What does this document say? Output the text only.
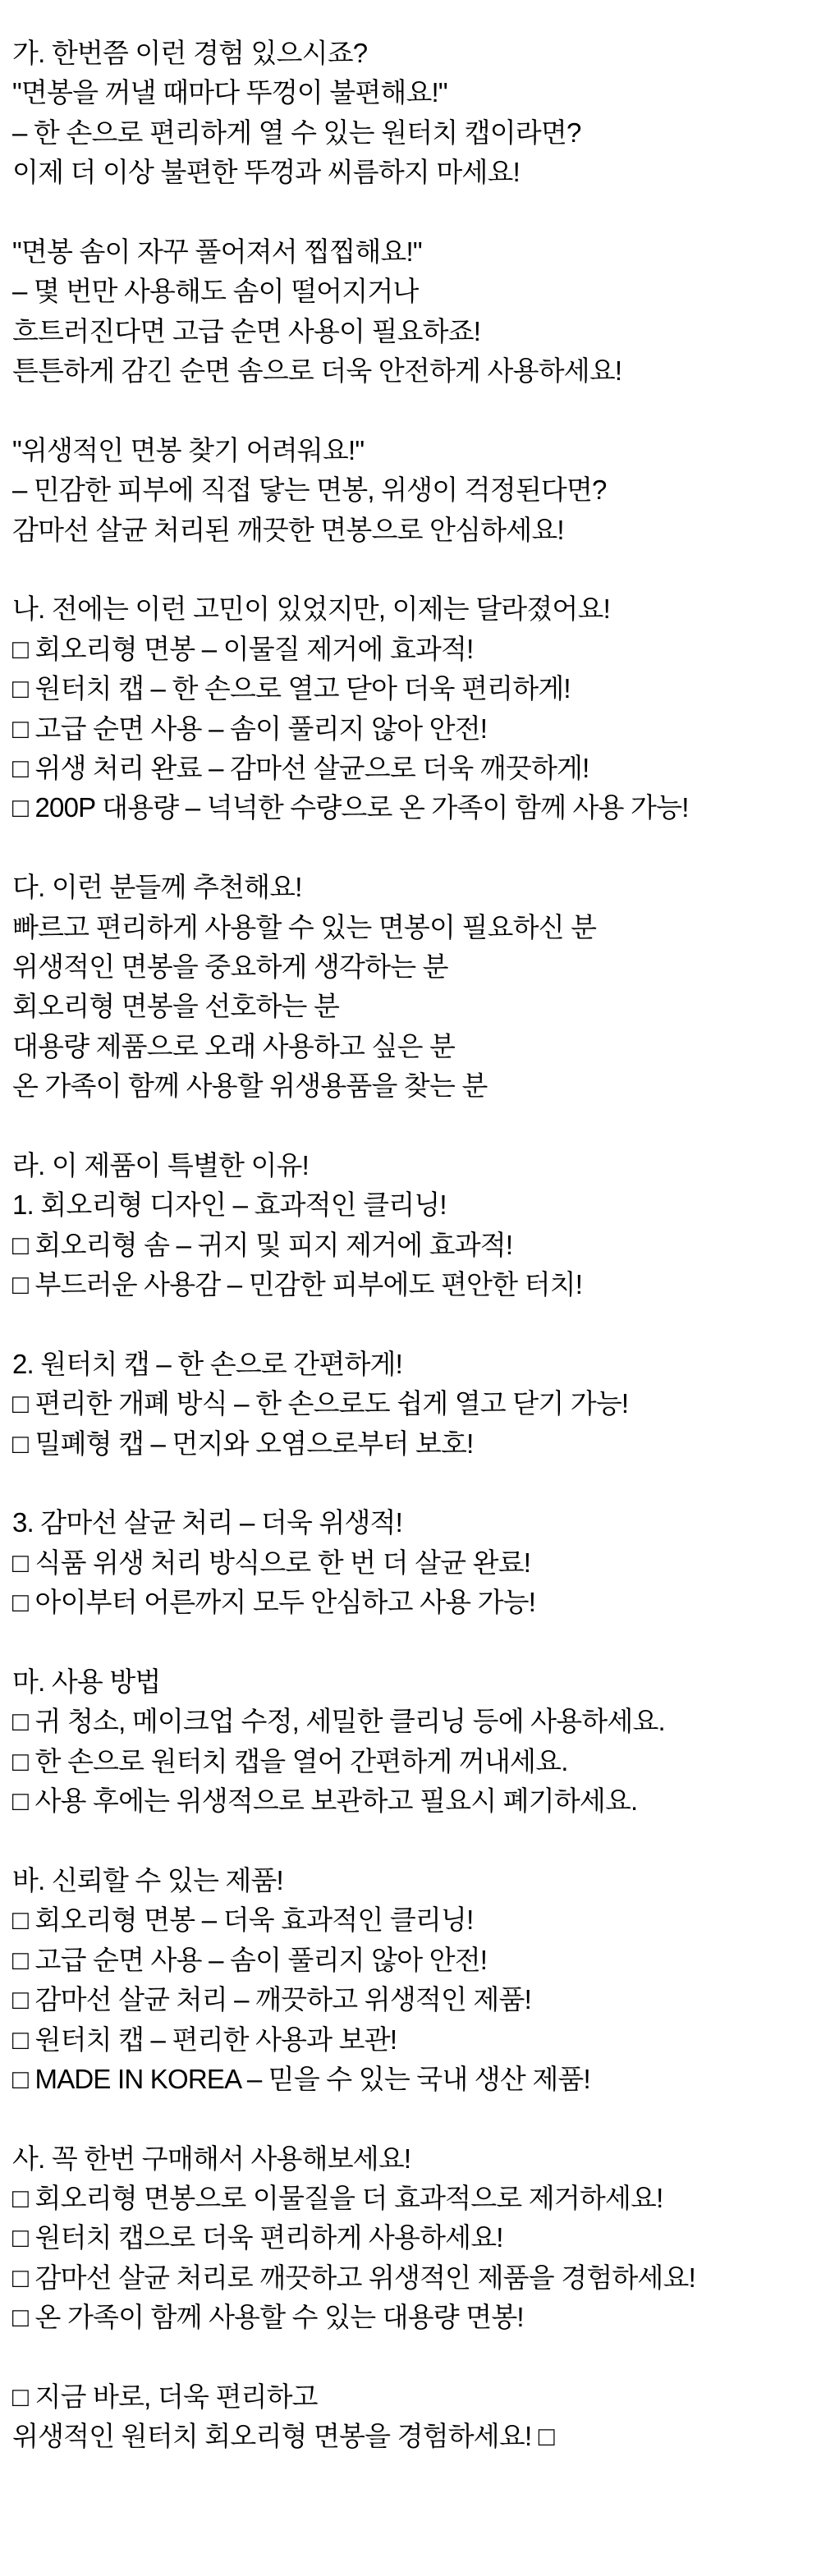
가. 한번쯤 이런 경험 있으시죠?
"면봉을 꺼낼 때마다 뚜껑이 불편해요!"
– 한 손으로 편리하게 열 수 있는 원터치 캡이라면?
이제 더 이상 불편한 뚜껑과 씨름하지 마세요!
"면봉 솜이 자꾸 풀어져서 찝찝해요!"
– 몇 번만 사용해도 솜이 떨어지거나
흐트러진다면 고급 순면 사용이 필요하죠!
튼튼하게 감긴 순면 솜으로 더욱 안전하게 사용하세요!
"위생적인 면봉 찾기 어려워요!"
– 민감한 피부에 직접 닿는 면봉, 위생이 걱정된다면?
감마선 살균 처리된 깨끗한 면봉으로 안심하세요!
나. 전에는 이런 고민이 있었지만, 이제는 달라졌어요!
□ 회오리형 면봉 – 이물질 제거에 효과적!
□ 원터치 캡 – 한 손으로 열고 닫아 더욱 편리하게!
□ 고급 순면 사용 – 솜이 풀리지 않아 안전!
□ 위생 처리 완료 – 감마선 살균으로 더욱 깨끗하게!
□ 200P 대용량 – 넉넉한 수량으로 온 가족이 함께 사용 가능!
다. 이런 분들께 추천해요!
빠르고 편리하게 사용할 수 있는 면봉이 필요하신 분
위생적인 면봉을 중요하게 생각하는 분
회오리형 면봉을 선호하는 분
대용량 제품으로 오래 사용하고 싶은 분
온 가족이 함께 사용할 위생용품을 찾는 분
라. 이 제품이 특별한 이유!
1. 회오리형 디자인 – 효과적인 클리닝!
□ 회오리형 솜 – 귀지 및 피지 제거에 효과적!
□ 부드러운 사용감 – 민감한 피부에도 편안한 터치!
2. 원터치 캡 – 한 손으로 간편하게!
□ 편리한 개폐 방식 – 한 손으로도 쉽게 열고 닫기 가능!
□ 밀폐형 캡 – 먼지와 오염으로부터 보호!
3. 감마선 살균 처리 – 더욱 위생적!
□ 식품 위생 처리 방식으로 한 번 더 살균 완료!
□ 아이부터 어른까지 모두 안심하고 사용 가능!
마. 사용 방법
□ 귀 청소, 메이크업 수정, 세밀한 클리닝 등에 사용하세요.
□ 한 손으로 원터치 캡을 열어 간편하게 꺼내세요.
□ 사용 후에는 위생적으로 보관하고 필요시 폐기하세요.
바. 신뢰할 수 있는 제품!
□ 회오리형 면봉 – 더욱 효과적인 클리닝!
□ 고급 순면 사용 – 솜이 풀리지 않아 안전!
□ 감마선 살균 처리 – 깨끗하고 위생적인 제품!
□ 원터치 캡 – 편리한 사용과 보관!
□ MADE IN KOREA – 믿을 수 있는 국내 생산 제품!
사. 꼭 한번 구매해서 사용해보세요!
□ 회오리형 면봉으로 이물질을 더 효과적으로 제거하세요!
□ 원터치 캡으로 더욱 편리하게 사용하세요!
□ 감마선 살균 처리로 깨끗하고 위생적인 제품을 경험하세요!
□ 온 가족이 함께 사용할 수 있는 대용량 면봉!
□ 지금 바로, 더욱 편리하고
위생적인 원터치 회오리형 면봉을 경험하세요! □
